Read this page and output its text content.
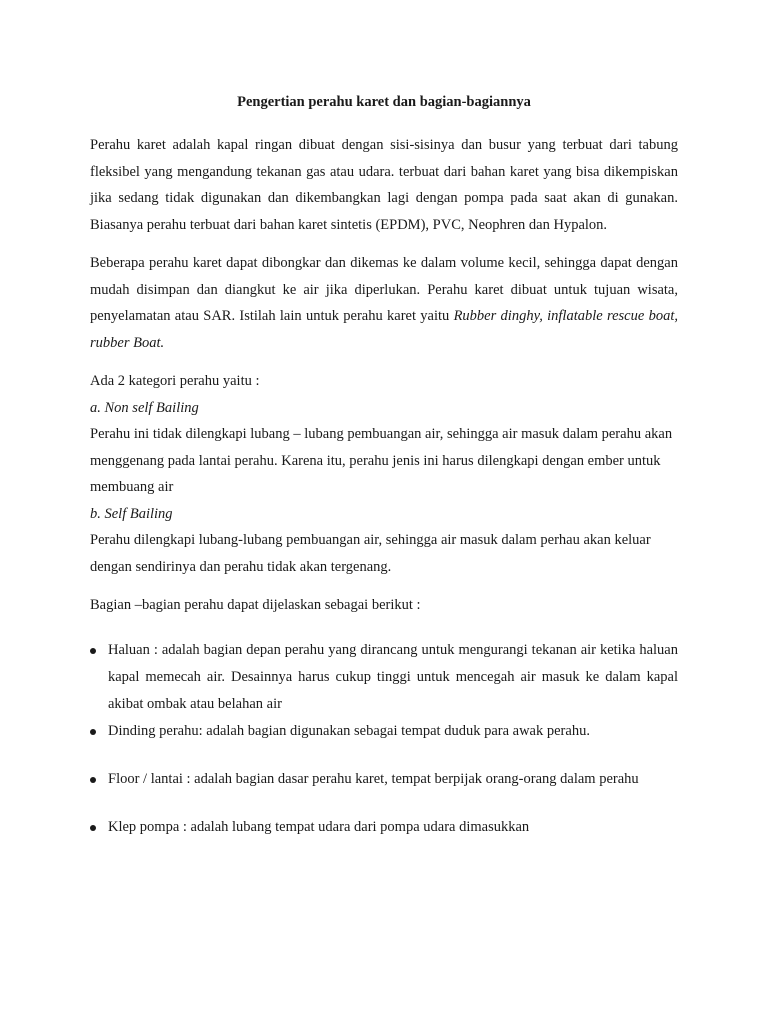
Pengertian perahu karet dan bagian-bagiannya

Perahu karet adalah kapal ringan dibuat dengan sisi-sisinya dan busur yang terbuat dari tabung fleksibel yang mengandung tekanan gas atau udara. terbuat dari bahan karet yang bisa dikempiskan jika sedang tidak digunakan dan dikembangkan lagi dengan pompa pada saat akan di gunakan. Biasanya perahu terbuat dari bahan karet sintetis (EPDM), PVC, Neophren dan Hypalon.

Beberapa perahu karet dapat dibongkar dan dikemas ke dalam volume kecil, sehingga dapat dengan mudah disimpan dan diangkut ke air jika diperlukan. Perahu karet dibuat untuk tujuan wisata, penyelamatan atau SAR. Istilah lain untuk perahu karet yaitu Rubber dinghy, inflatable rescue boat, rubber Boat.

Ada 2 kategori perahu yaitu :

a. Non self Bailing

Perahu ini tidak dilengkapi lubang – lubang pembuangan air, sehingga air masuk dalam perahu akan menggenang pada lantai perahu. Karena itu, perahu jenis ini harus dilengkapi dengan ember untuk membuang air

b. Self Bailing

Perahu dilengkapi lubang-lubang pembuangan air, sehingga air masuk dalam perhau akan keluar dengan sendirinya dan perahu tidak akan tergenang.

Bagian –bagian perahu dapat dijelaskan sebagai berikut :

Haluan : adalah bagian depan perahu yang dirancang untuk mengurangi tekanan air ketika haluan kapal memecah air. Desainnya harus cukup tinggi untuk mencegah air masuk ke dalam kapal akibat ombak atau belahan air
Dinding perahu: adalah bagian digunakan sebagai tempat duduk para awak perahu.
Floor / lantai : adalah bagian dasar perahu karet, tempat berpijak orang-orang dalam perahu
Klep pompa : adalah lubang tempat udara dari pompa udara dimasukkan
